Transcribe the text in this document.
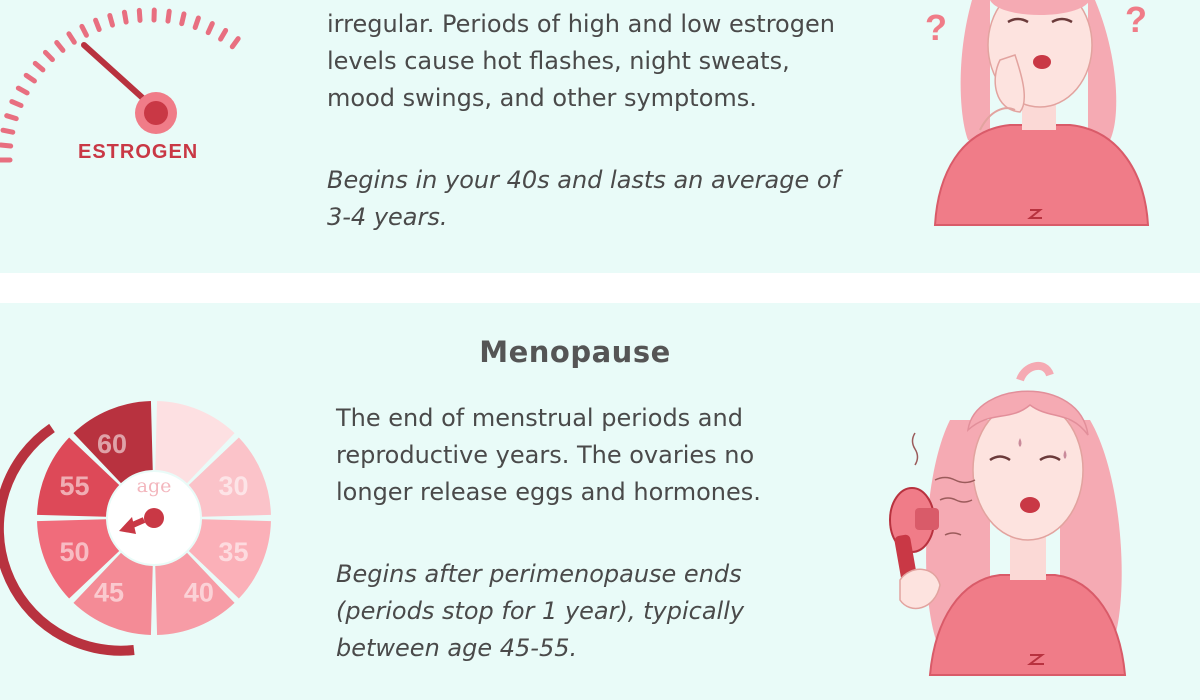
ESTROGEN

irregular. Periods of high and low estrogen
levels cause hot flashes, night sweats,
mood swings, and other symptoms.

Begins in your 40s and lasts an average of
3-4 years.

?	?
Menopause
age
60
30
35
40
45
50
55

The end of menstrual periods and
reproductive years. The ovaries no
longer release eggs and hormones.

Begins after perimenopause ends
(periods stop for 1 year), typically
between age 45-55.
